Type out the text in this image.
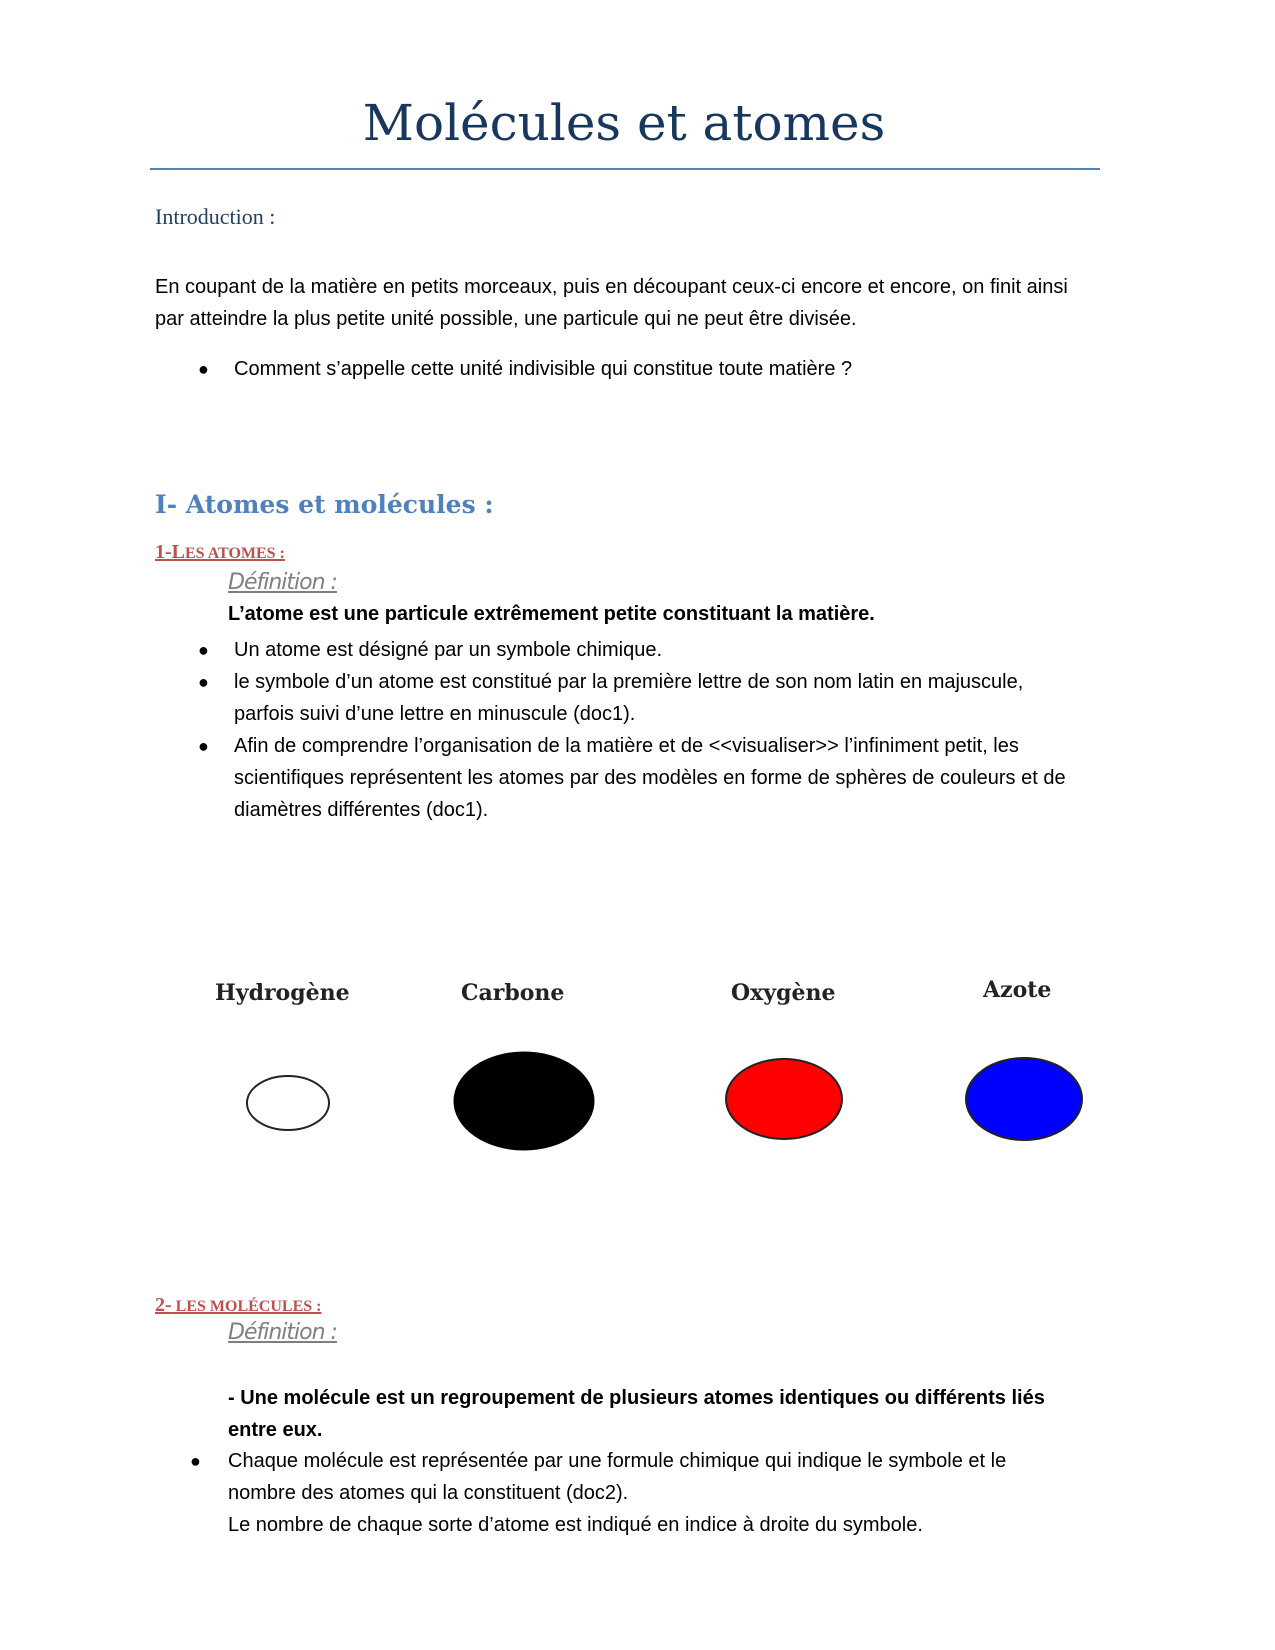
Molécules et atomes
Introduction :
En coupant de la matière en petits morceaux, puis en découpant ceux-ci encore et encore, on finit ainsi par atteindre la plus petite unité possible, une particule qui ne peut être divisée.
● Comment s’appelle cette unité indivisible qui constitue toute matière ?
I- Atomes et molécules :
1-LES ATOMES :
Définition :
L’atome est une particule extrêmement petite constituant la matière.
● Un atome est désigné par un symbole chimique.
● le symbole d’un atome est constitué par la première lettre de son nom latin en majuscule, parfois suivi d’une lettre en minuscule (doc1).
● Afin de comprendre l’organisation de la matière et de <<visualiser>> l’infiniment petit, les scientifiques représentent les atomes par des modèles en forme de sphères de couleurs et de diamètres différentes (doc1).
Hydrogène	Carbone	Oxygène	Azote
2- LES MOLÉCULES :
Définition :
- Une molécule est un regroupement de plusieurs atomes identiques ou différents liés entre eux.
● Chaque molécule est représentée par une formule chimique qui indique le symbole et le nombre des atomes qui la constituent (doc2).
Le nombre de chaque sorte d’atome est indiqué en indice à droite du symbole.
